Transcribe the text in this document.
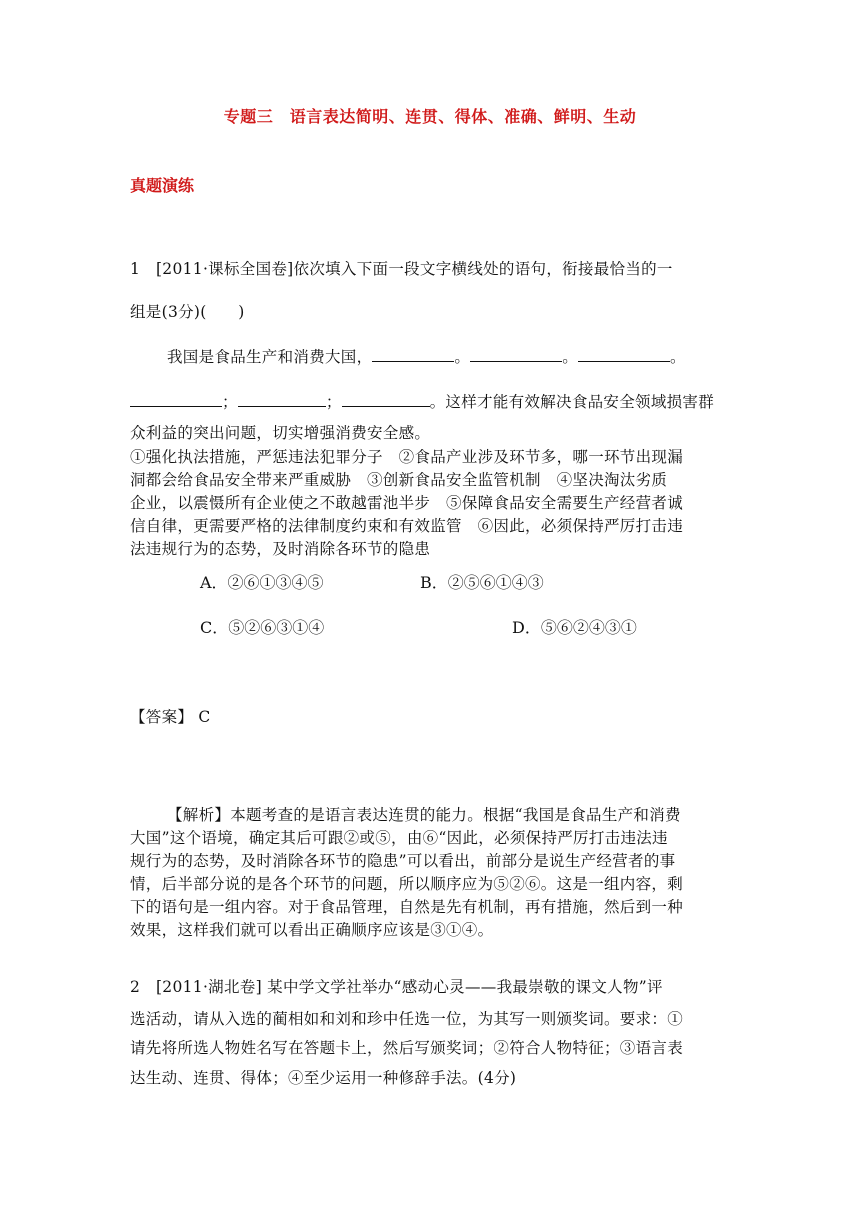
专题三　语言表达简明、连贯、得体、准确、鲜明、生动
真题演练
1　[2011·课标全国卷]依次填入下面一段文字横线处的语句，衔接最恰当的一
组是(3分)(　　)
我国是食品生产和消费大国，	。	。	。
；	；	。这样才能有效解决食品安全领域损害群
众利益的突出问题，切实增强消费安全感。
①强化执法措施，严惩违法犯罪分子　②食品产业涉及环节多，哪一环节出现漏
洞都会给食品安全带来严重威胁　③创新食品安全监管机制　④坚决淘汰劣质
企业，以震慑所有企业使之不敢越雷池半步　⑤保障食品安全需要生产经营者诚
信自律，更需要严格的法律制度约束和有效监管　⑥因此，必须保持严厉打击违
法违规行为的态势，及时消除各环节的隐患
A．②⑥①③④⑤	B．②⑤⑥①④③
C．⑤②⑥③①④	D．⑤⑥②④③①
【答案】 C
【解析】本题考查的是语言表达连贯的能力。根据“我国是食品生产和消费
大国”这个语境，确定其后可跟②或⑤，由⑥“因此，必须保持严厉打击违法违
规行为的态势，及时消除各环节的隐患”可以看出，前部分是说生产经营者的事
情，后半部分说的是各个环节的问题，所以顺序应为⑤②⑥。这是一组内容，剩
下的语句是一组内容。对于食品管理，自然是先有机制，再有措施，然后到一种
效果，这样我们就可以看出正确顺序应该是③①④。
2　[2011·湖北卷] 某中学文学社举办“感动心灵——我最崇敬的课文人物”评
选活动，请从入选的蔺相如和刘和珍中任选一位，为其写一则颁奖词。要求：①
请先将所选人物姓名写在答题卡上，然后写颁奖词；②符合人物特征；③语言表
达生动、连贯、得体；④至少运用一种修辞手法。(4分)
